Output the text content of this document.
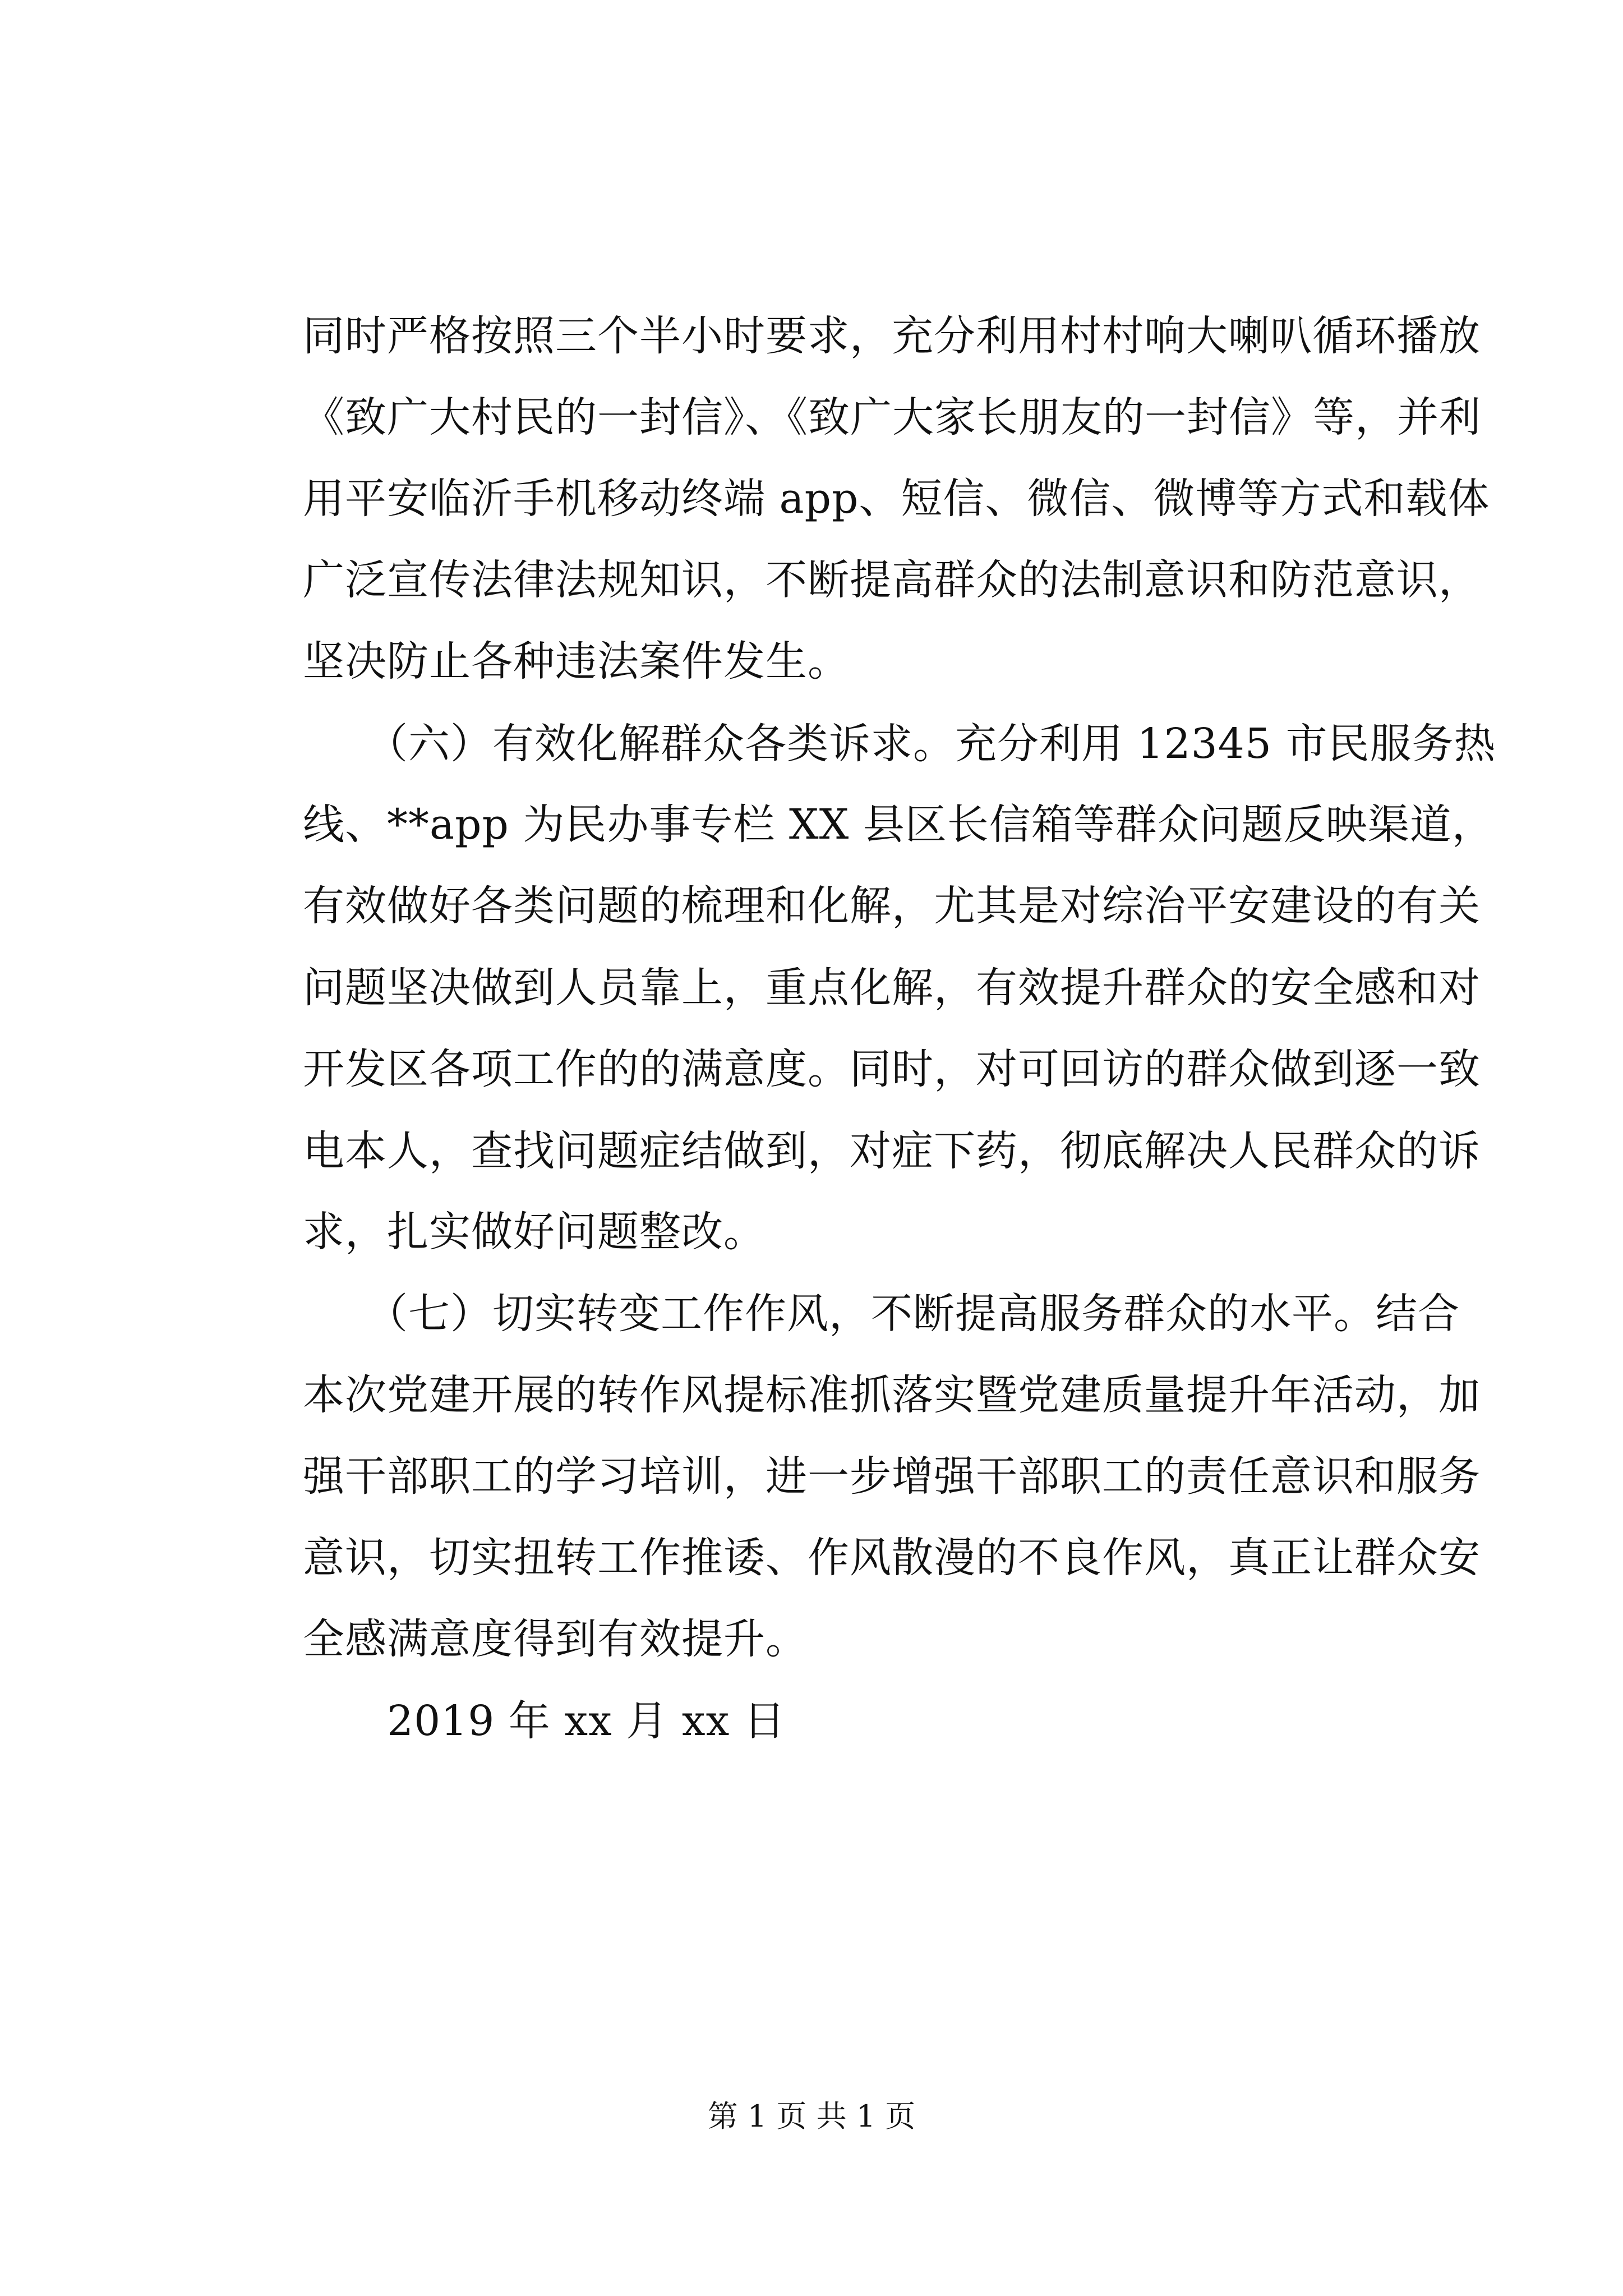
同时严格按照三个半小时要求，充分利用村村响大喇叭循环播放
《致广大村民的一封信》、《致广大家长朋友的一封信》等，并利
用平安临沂手机移动终端 app、短信、微信、微博等方式和载体
广泛宣传法律法规知识，不断提高群众的法制意识和防范意识，
坚决防止各种违法案件发生。
　　（六）有效化解群众各类诉求。充分利用 12345 市民服务热
线、**app 为民办事专栏 XX 县区长信箱等群众问题反映渠道，
有效做好各类问题的梳理和化解，尤其是对综治平安建设的有关
问题坚决做到人员靠上，重点化解，有效提升群众的安全感和对
开发区各项工作的的满意度。同时，对可回访的群众做到逐一致
电本人，查找问题症结做到，对症下药，彻底解决人民群众的诉
求，扎实做好问题整改。
　　（七）切实转变工作作风，不断提高服务群众的水平。结合
本次党建开展的转作风提标准抓落实暨党建质量提升年活动，加
强干部职工的学习培训，进一步增强干部职工的责任意识和服务
意识，切实扭转工作推诿、作风散漫的不良作风，真正让群众安
全感满意度得到有效提升。
　　2019 年 xx 月 xx 日
第 1 页 共 1 页
